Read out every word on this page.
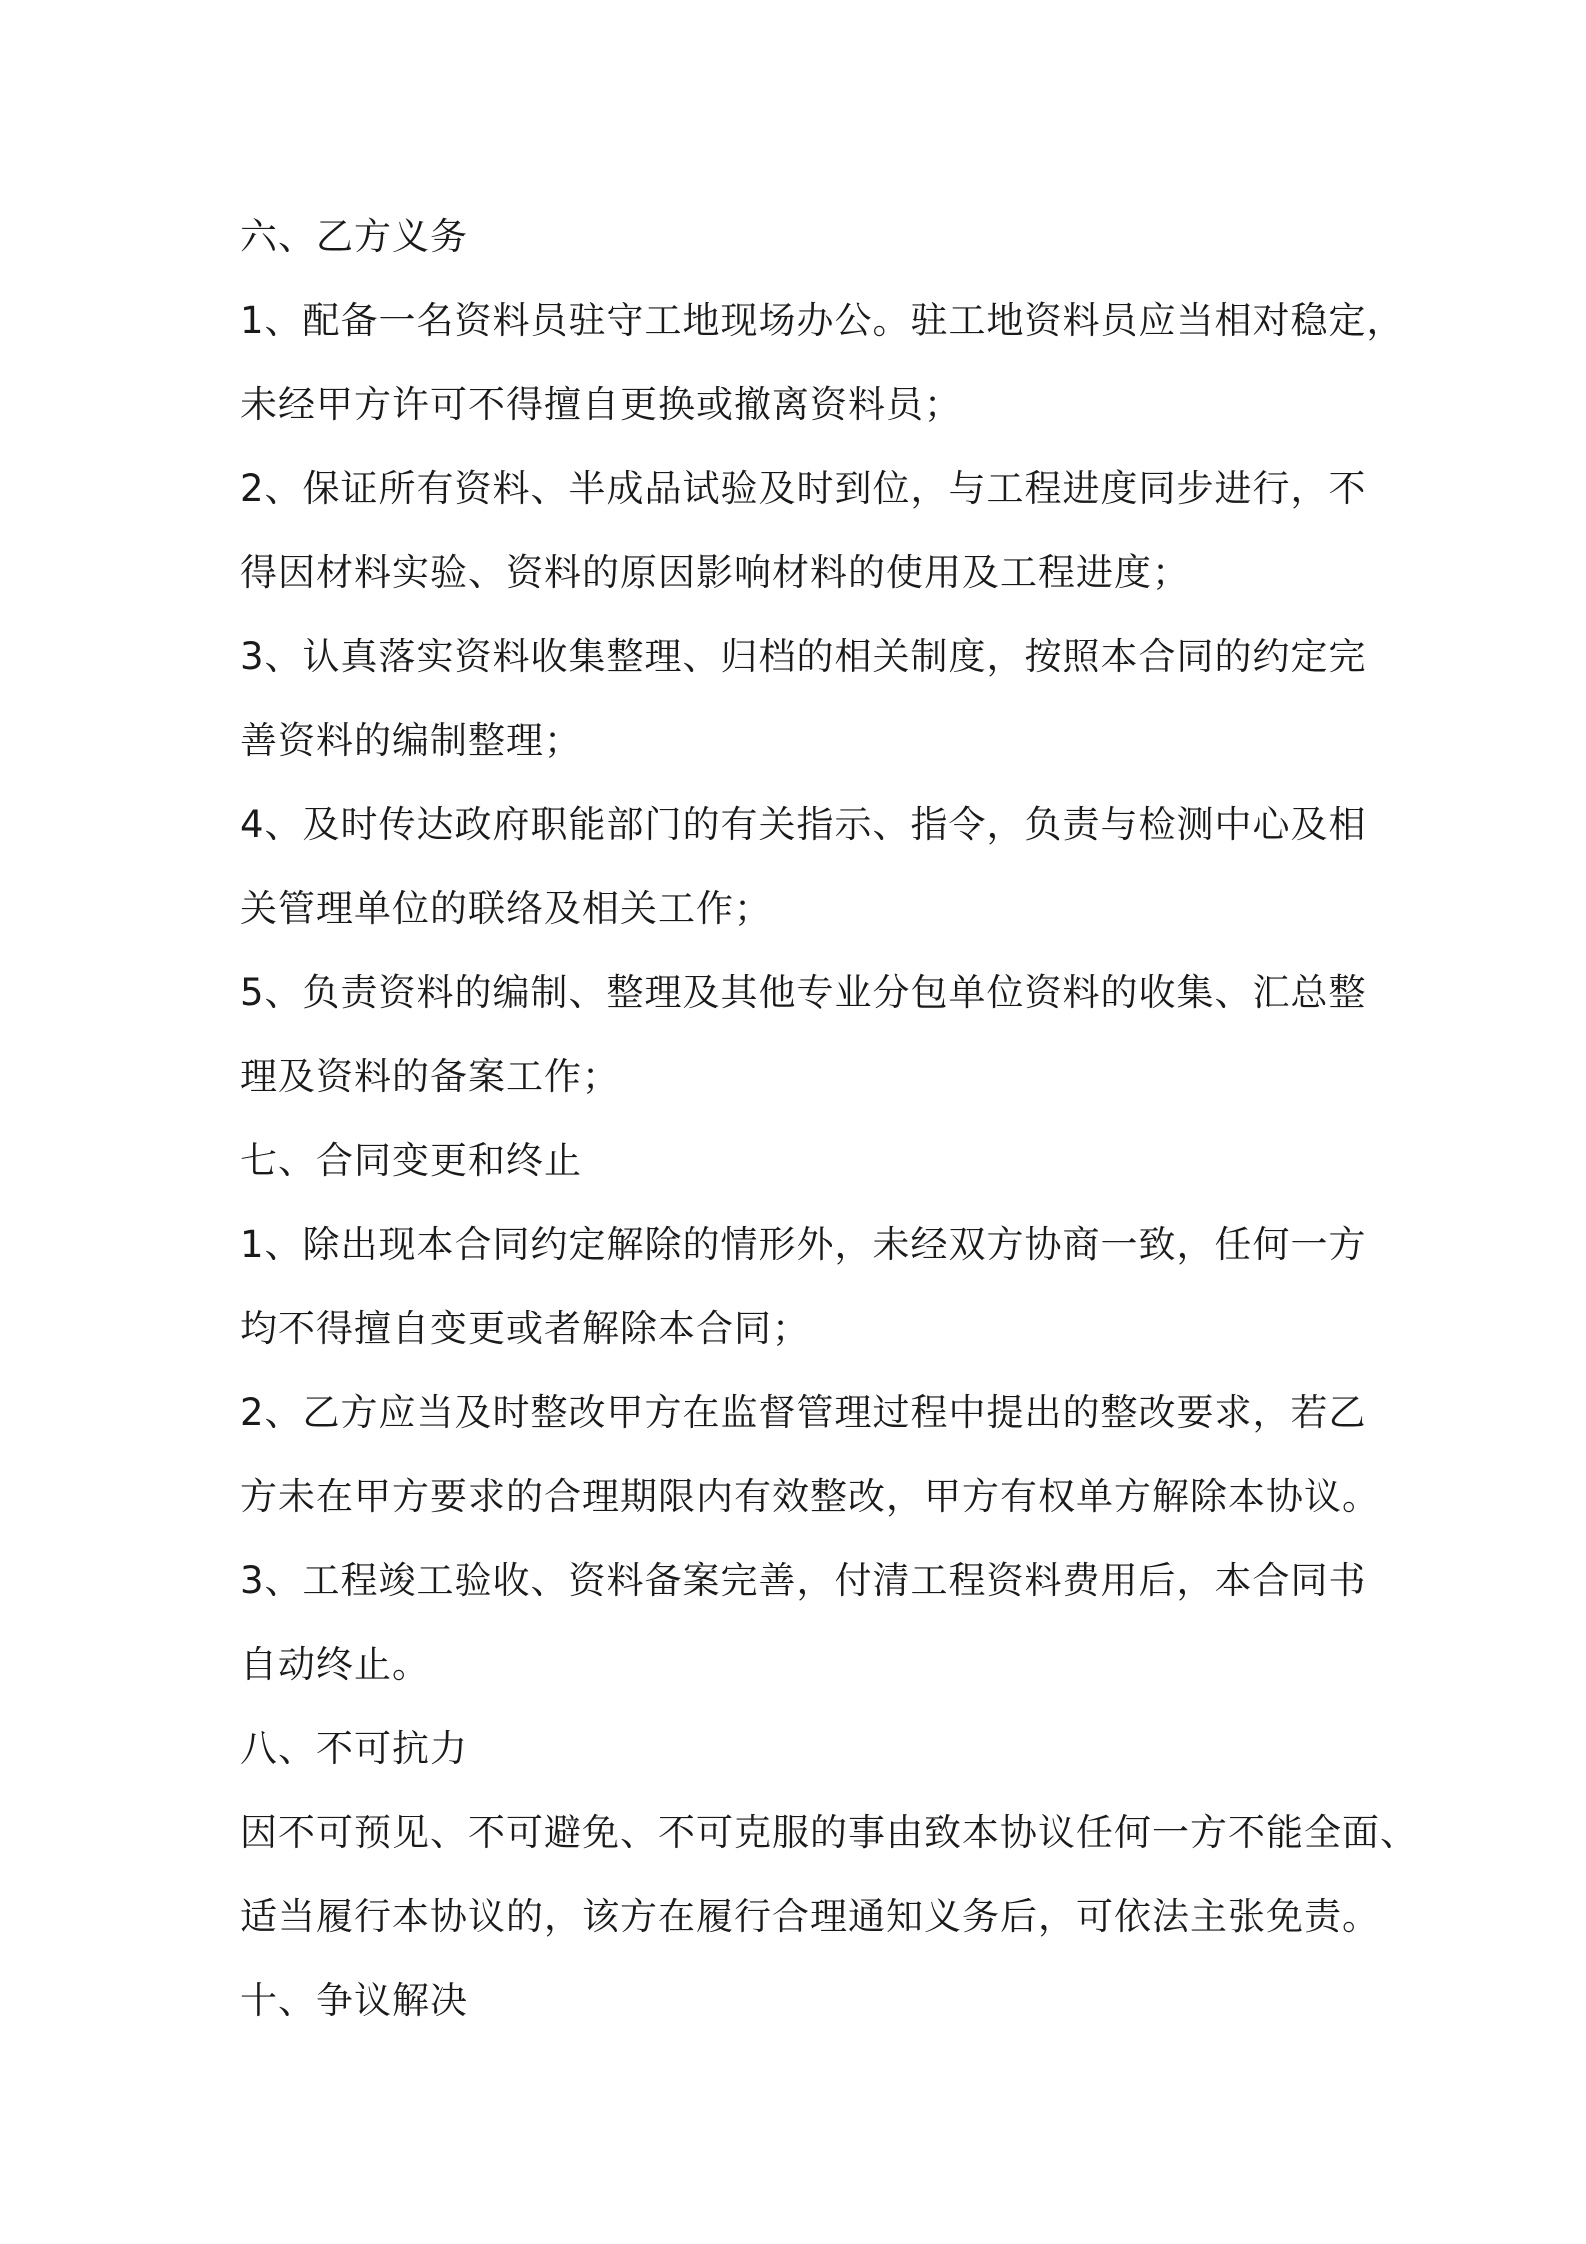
六、乙方义务
1、配备一名资料员驻守工地现场办公。驻工地资料员应当相对稳定，
未经甲方许可不得擅自更换或撤离资料员；
2、保证所有资料、半成品试验及时到位，与工程进度同步进行，不
得因材料实验、资料的原因影响材料的使用及工程进度；
3、认真落实资料收集整理、归档的相关制度，按照本合同的约定完
善资料的编制整理；
4、及时传达政府职能部门的有关指示、指令，负责与检测中心及相
关管理单位的联络及相关工作；
5、负责资料的编制、整理及其他专业分包单位资料的收集、汇总整
理及资料的备案工作；
七、合同变更和终止
1、除出现本合同约定解除的情形外，未经双方协商一致，任何一方
均不得擅自变更或者解除本合同；
2、乙方应当及时整改甲方在监督管理过程中提出的整改要求，若乙
方未在甲方要求的合理期限内有效整改，甲方有权单方解除本协议。
3、工程竣工验收、资料备案完善，付清工程资料费用后，本合同书
自动终止。
八、不可抗力
因不可预见、不可避免、不可克服的事由致本协议任何一方不能全面、
适当履行本协议的，该方在履行合理通知义务后，可依法主张免责。
十、争议解决
